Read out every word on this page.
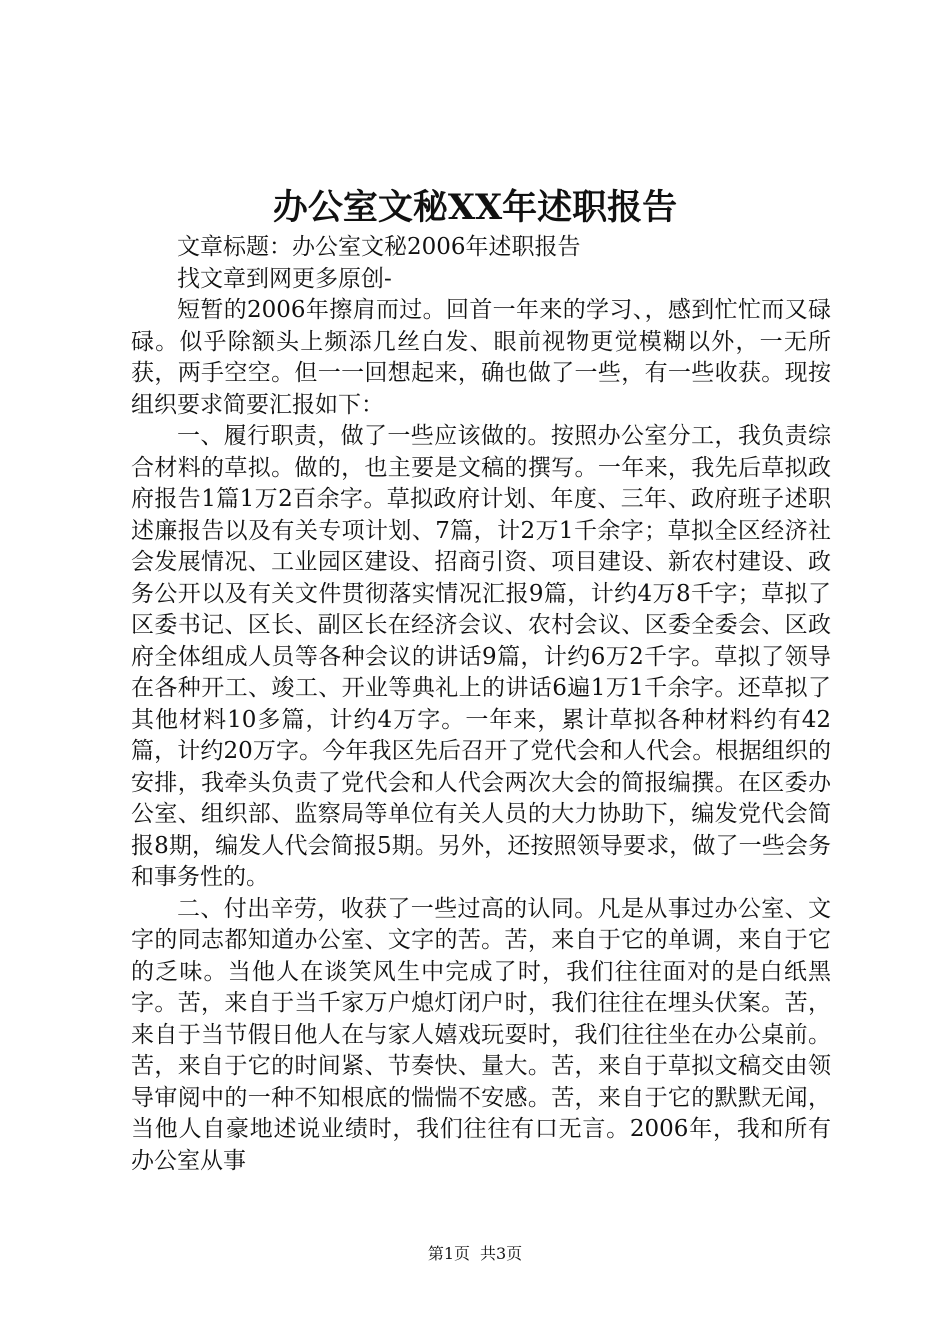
办公室文秘XX年述职报告

文章标题：办公室文秘2006年述职报告

找文章到网更多原创-

短暂的2006年擦肩而过。回首一年来的学习、，感到忙忙而又碌碌。似乎除额头上频添几丝白发、眼前视物更觉模糊以外，一无所获，两手空空。但一一回想起来，确也做了一些，有一些收获。现按组织要求简要汇报如下：

一、履行职责，做了一些应该做的。按照办公室分工，我负责综合材料的草拟。做的，也主要是文稿的撰写。一年来，我先后草拟政府报告1篇1万2百余字。草拟政府计划、年度、三年、政府班子述职述廉报告以及有关专项计划、7篇，计2万1千余字；草拟全区经济社会发展情况、工业园区建设、招商引资、项目建设、新农村建设、政务公开以及有关文件贯彻落实情况汇报9篇，计约4万8千字；草拟了区委书记、区长、副区长在经济会议、农村会议、区委全委会、区政府全体组成人员等各种会议的讲话9篇，计约6万2千字。草拟了领导在各种开工、竣工、开业等典礼上的讲话6遍1万1千余字。还草拟了其他材料10多篇，计约4万字。一年来，累计草拟各种材料约有42篇，计约20万字。今年我区先后召开了党代会和人代会。根据组织的安排，我牵头负责了党代会和人代会两次大会的简报编撰。在区委办公室、组织部、监察局等单位有关人员的大力协助下，编发党代会简报8期，编发人代会简报5期。另外，还按照领导要求，做了一些会务和事务性的。

二、付出辛劳，收获了一些过高的认同。凡是从事过办公室、文字的同志都知道办公室、文字的苦。苦，来自于它的单调，来自于它的乏味。当他人在谈笑风生中完成了时，我们往往面对的是白纸黑字。苦，来自于当千家万户熄灯闭户时，我们往往在埋头伏案。苦，来自于当节假日他人在与家人嬉戏玩耍时，我们往往坐在办公桌前。苦，来自于它的时间紧、节奏快、量大。苦，来自于草拟文稿交由领导审阅中的一种不知根底的惴惴不安感。苦，来自于它的默默无闻，当他人自豪地述说业绩时，我们往往有口无言。2006年，我和所有办公室从事

第1页 共3页
